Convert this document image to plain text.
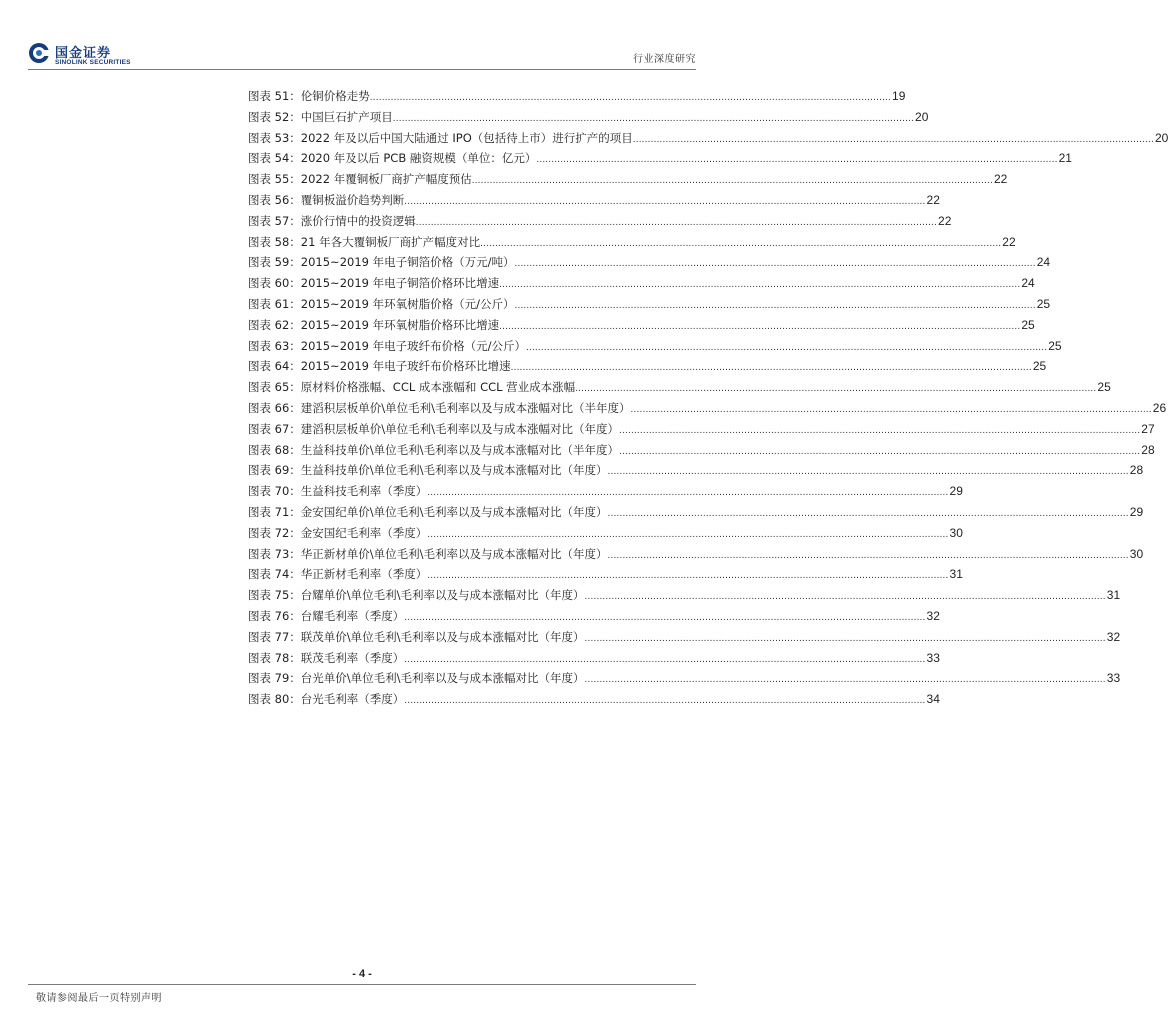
国金证券
SINOLINK SECURITIES	行业深度研究
图表 51：伦铜价格走势 .....	19
图表 52：中国巨石扩产项目 .....	20
图表 53：2022 年及以后中国大陆通过 IPO（包括待上市）进行扩产的项目 .....	20
图表 54：2020 年及以后 PCB 融资规模（单位：亿元） .....	21
图表 55：2022 年覆铜板厂商扩产幅度预估 .....	22
图表 56：覆铜板溢价趋势判断 .....	22
图表 57：涨价行情中的投资逻辑 .....	22
图表 58：21 年各大覆铜板厂商扩产幅度对比 .....	22
图表 59：2015~2019 年电子铜箔价格（万元/吨） .....	24
图表 60：2015~2019 年电子铜箔价格环比增速 .....	24
图表 61：2015~2019 年环氧树脂价格（元/公斤） .....	25
图表 62：2015~2019 年环氧树脂价格环比增速 .....	25
图表 63：2015~2019 年电子玻纤布价格（元/公斤） .....	25
图表 64：2015~2019 年电子玻纤布价格环比增速 .....	25
图表 65：原材料价格涨幅、CCL 成本涨幅和 CCL 营业成本涨幅 .....	25
图表 66：建滔积层板单价\单位毛利\毛利率以及与成本涨幅对比（半年度） .....	26
图表 67：建滔积层板单价\单位毛利\毛利率以及与成本涨幅对比（年度） .....	27
图表 68：生益科技单价\单位毛利\毛利率以及与成本涨幅对比（半年度） .....	28
图表 69：生益科技单价\单位毛利\毛利率以及与成本涨幅对比（年度） .....	28
图表 70：生益科技毛利率（季度） .....	29
图表 71：金安国纪单价\单位毛利\毛利率以及与成本涨幅对比（年度） .....	29
图表 72：金安国纪毛利率（季度） .....	30
图表 73：华正新材单价\单位毛利\毛利率以及与成本涨幅对比（年度） .....	30
图表 74：华正新材毛利率（季度） .....	31
图表 75：台耀单价\单位毛利\毛利率以及与成本涨幅对比（年度） .....	31
图表 76：台耀毛利率（季度） .....	32
图表 77：联茂单价\单位毛利\毛利率以及与成本涨幅对比（年度） .....	32
图表 78：联茂毛利率（季度） .....	33
图表 79：台光单价\单位毛利\毛利率以及与成本涨幅对比（年度） .....	33
图表 80：台光毛利率（季度） .....	34
- 4 -
敬请参阅最后一页特别声明
